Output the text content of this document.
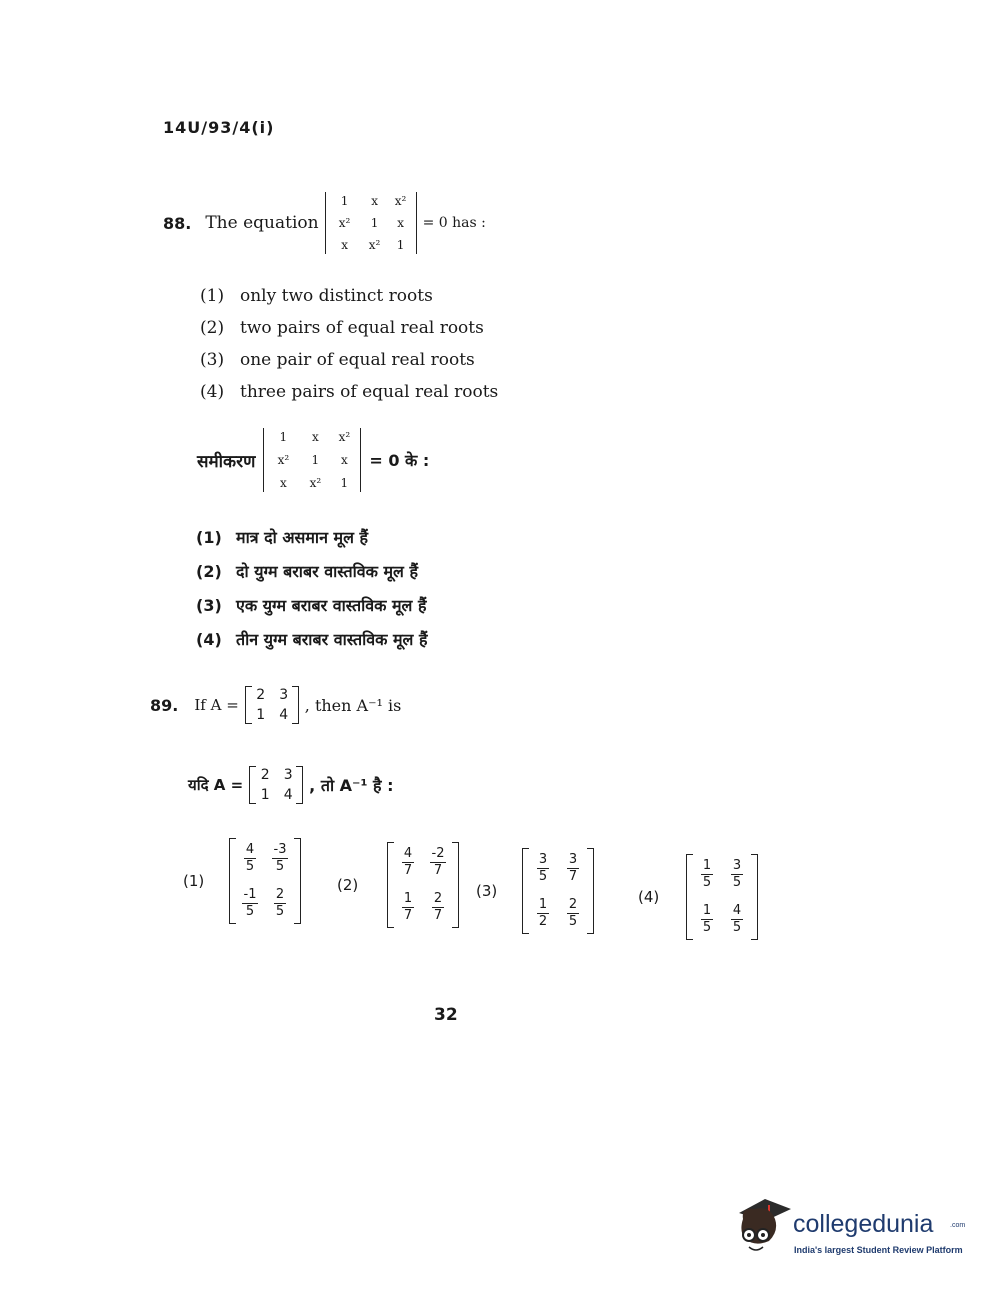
14U/93/4(i)
88. The equation
1	x	x²
x²	1	x
x	x²	1
= 0 has :
(1) only two distinct roots
(2) two pairs of equal real roots
(3) one pair of equal real roots
(4) three pairs of equal real roots
समीकरण
1	x	x²
x²	1	x
x	x²	1
= 0 के :
(1) मात्र दो असमान मूल हैं
(2) दो युग्म बराबर वास्तविक मूल हैं
(3) एक युग्म बराबर वास्तविक मूल हैं
(4) तीन युग्म बराबर वास्तविक मूल हैं
89. If A =
2	3
1	4
, then A⁻¹ is
यदि A =
2	3
1	4	, तो A⁻¹ है :
(1)
$\frac{4}{5} \frac{-3}{5}$
$\frac{-1}{5} \frac{2}{5}$
(2)
$\frac{4}{7} \frac{-2}{7}$
$\frac{1}{7} \frac{2}{7} (3)$
$\frac{3}{5} \frac{3}{7}$
$\frac{1}{2} \frac{2}{5}$	(4)
$\frac{1}{5} \frac{3}{5}$
$\frac{1}{5} \frac{4}{5}$
32
collegedunia .com
India's largest Student Review Platform
